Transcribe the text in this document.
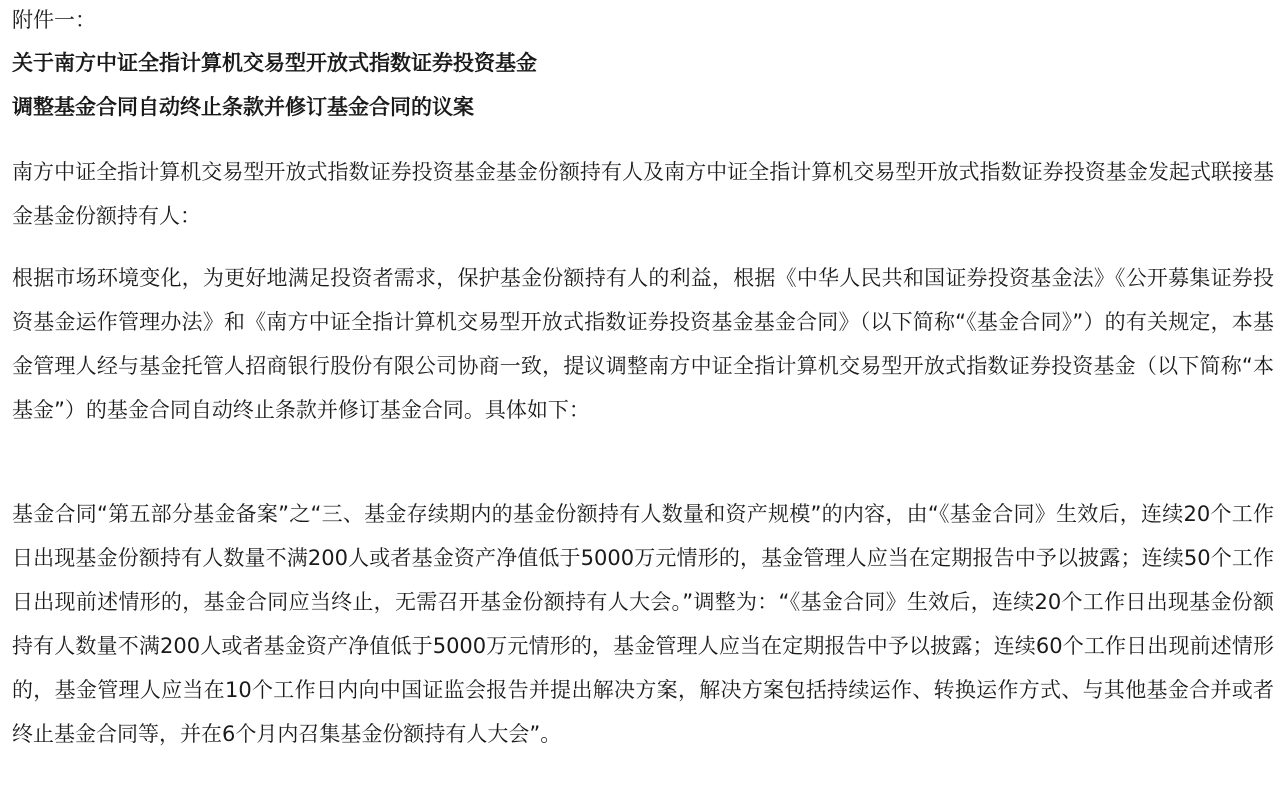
附件一：
关于南方中证全指计算机交易型开放式指数证券投资基金
调整基金合同自动终止条款并修订基金合同的议案

南方中证全指计算机交易型开放式指数证券投资基金基金份额持有人及南方中证全指计算机交易型开放式指数证券投资基金发起式联接基金基金份额持有人：

根据市场环境变化，为更好地满足投资者需求，保护基金份额持有人的利益，根据《中华人民共和国证券投资基金法》《公开募集证券投资基金运作管理办法》和《南方中证全指计算机交易型开放式指数证券投资基金基金合同》（以下简称“《基金合同》”）的有关规定，本基金管理人经与基金托管人招商银行股份有限公司协商一致，提议调整南方中证全指计算机交易型开放式指数证券投资基金（以下简称“本基金”）的基金合同自动终止条款并修订基金合同。具体如下：

基金合同“第五部分基金备案”之“三、基金存续期内的基金份额持有人数量和资产规模”的内容，由“《基金合同》生效后，连续20个工作日出现基金份额持有人数量不满200人或者基金资产净值低于5000万元情形的，基金管理人应当在定期报告中予以披露；连续50个工作日出现前述情形的，基金合同应当终止，无需召开基金份额持有人大会。”调整为：“《基金合同》生效后，连续20个工作日出现基金份额持有人数量不满200人或者基金资产净值低于5000万元情形的，基金管理人应当在定期报告中予以披露；连续60个工作日出现前述情形的，基金管理人应当在10个工作日内向中国证监会报告并提出解决方案，解决方案包括持续运作、转换运作方式、与其他基金合并或者终止基金合同等，并在6个月内召集基金份额持有人大会”。
